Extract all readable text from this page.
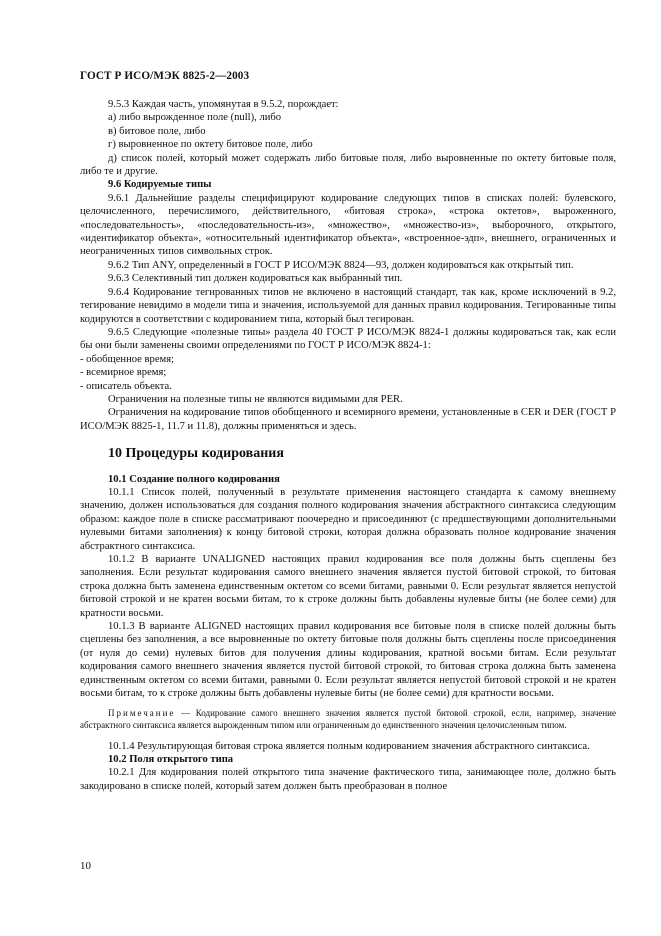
ГОСТ Р ИСО/МЭК 8825-2—2003

9.5.3 Каждая часть, упомянутая в 9.5.2, порождает:

а) либо вырожденное поле (null), либо

в) битовое поле, либо

г) выровненное по октету битовое поле, либо

д) список полей, который может содержать либо битовые поля, либо выровненные по октету битовые поля, либо те и другие.

9.6 Кодируемые типы

9.6.1 Дальнейшие разделы специфицируют кодирование следующих типов в списках полей: булевского, целочисленного, перечислимого, действительного, «битовая строка», «строка октетов», выроженного, «последовательность», «последовательность-из», «множество», «множество-из», выборочного, открытого, «идентификатор объекта», «относительный идентификатор объекта», «встроенное-эдп», внешнего, ограниченных и неограниченных типов символьных строк.

9.6.2 Тип ANY, определенный в ГОСТ Р ИСО/МЭК 8824—93, должен кодироваться как открытый тип.

9.6.3 Селективный тип должен кодироваться как выбранный тип.

9.6.4 Кодирование тегированных типов не включено в настоящий стандарт, так как, кроме исключений в 9.2, тегирование невидимо в модели типа и значения, используемой для данных правил кодирования. Тегированные типы кодируются в соответствии с кодированием типа, который был тегирован.

9.6.5 Следующие «полезные типы» раздела 40 ГОСТ Р ИСО/МЭК 8824-1 должны кодироваться так, как если бы они были заменены своими определениями по ГОСТ Р ИСО/МЭК 8824-1:

- обобщенное время;

- всемирное время;

- описатель объекта.

Ограничения на полезные типы не являются видимыми для PER.

Ограничения на кодирование типов обобщенного и всемирного времени, установленные в CER и DER (ГОСТ Р ИСО/МЭК 8825-1, 11.7 и 11.8), должны применяться и здесь.

10 Процедуры кодирования

10.1 Создание полного кодирования

10.1.1 Список полей, полученный в результате применения настоящего стандарта к самому внешнему значению, должен использоваться для создания полного кодирования значения абстрактного синтаксиса следующим образом: каждое поле в списке рассматривают поочередно и присоединяют (с предшествующими дополнительными нулевыми битами заполнения) к концу битовой строки, которая должна образовать полное кодирование значения абстрактного синтаксиса.

10.1.2 В варианте UNALIGNED настоящих правил кодирования все поля должны быть сцеплены без заполнения. Если результат кодирования самого внешнего значения является пустой битовой строкой, то битовая строка должна быть заменена единственным октетом со всеми битами, равными 0. Если результат является непустой битовой строкой и не кратен восьми битам, то к строке должны быть добавлены нулевые биты (не более семи) для кратности восьми.

10.1.3 В варианте ALIGNED настоящих правил кодирования все битовые поля в списке полей должны быть сцеплены без заполнения, а все выровненные по октету битовые поля должны быть сцеплены после присоединения (от нуля до семи) нулевых битов для получения длины кодирования, кратной восьми битам. Если результат кодирования самого внешнего значения является пустой битовой строкой, то битовая строка должна быть заменена единственным октетом со всеми битами, равными 0. Если результат является непустой битовой строкой и не кратен восьми битам, то к строке должны быть добавлены нулевые биты (не более семи) для кратности восьми.

Примечание — Кодирование самого внешнего значения является пустой битовой строкой, если, например, значение абстрактного синтаксиса является вырожденным типом или ограниченным до единственного значения целочисленным типом.

10.1.4 Результирующая битовая строка является полным кодированием значения абстрактного синтаксиса.

10.2 Поля открытого типа

10.2.1 Для кодирования полей открытого типа значение фактического типа, занимающее поле, должно быть закодировано в списке полей, который затем должен быть преобразован в полное

10
